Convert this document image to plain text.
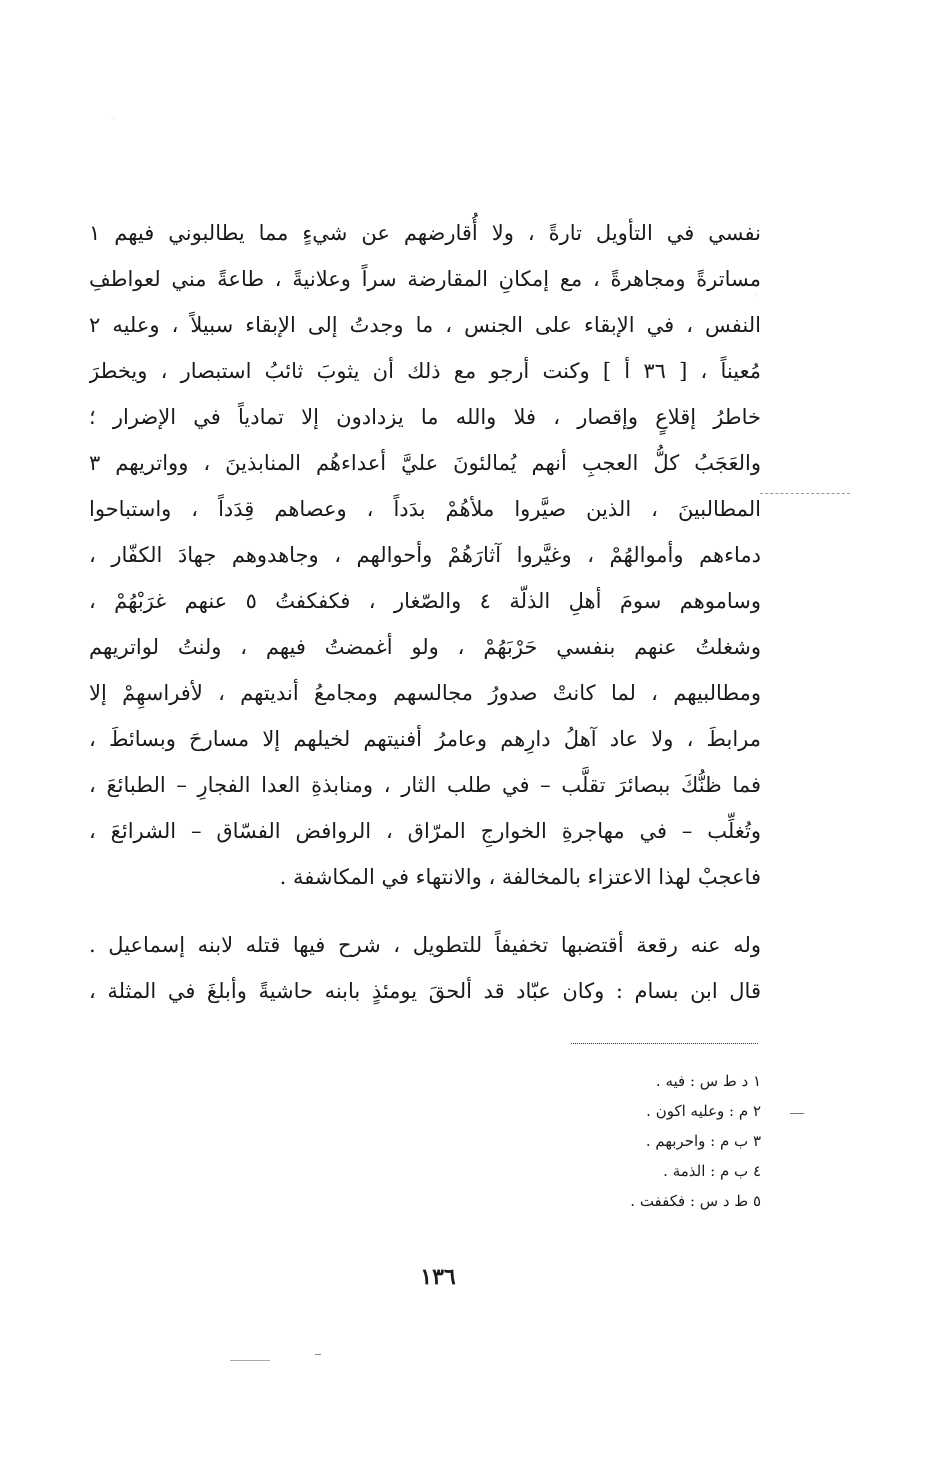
نفسي في التأويل تارةً ، ولا أُقارضهم عن شيءٍ مما يطالبوني فيهم ١
مساترةً ومجاهرةً ، مع إمكانِ المقارضة سراً وعلانيةً ، طاعةً مني لعواطفِ
النفس ، في الإبقاء على الجنس ، ما وجدتُ إلى الإبقاء سبيلاً ، وعليه ٢
مُعيناً ، [ ٣٦ أ ] وكنت أرجو مع ذلك أن يثوبَ ثائبُ استبصار ، ويخطرَ
خاطرُ إقلاعٍ وإقصار ، فلا والله ما يزدادون إلا تمادياً في الإضرار ؛
والعَجَبُ كلُّ العجبِ أنهم يُمالئونَ عليَّ أعداءهُم المنابذينَ ، وواتريهم ٣
المطالبينَ ، الذين صيَّروا ملأهُمْ بدَداً ، وعصاهم قِدَداً ، واستباحوا
دماءهم وأموالهُمْ ، وغيَّروا آثارَهُمْ وأحوالهم ، وجاهدوهم جهادَ الكفّار ،
وساموهم سومَ أهلِ الذلّة ٤ والصّغار ، فكفكفتُ ٥ عنهم غرَبْهُمْ ،
وشغلتُ عنهم بنفسي حَرْبَهُمْ ، ولو أغمضتُ فيهم ، ولنتُ لواتريهم
ومطالبيهم ، لما كانتْ صدورُ مجالسهم ومجامعُ أنديتهم ، لأفراسهِمْ إلا
مرابطَ ، ولا عاد آهلُ دارِهم وعامرُ أفنيتهم لخيلهم إلا مسارحَ وبسائطَ ،
فما ظنُّكَ ببصائرَ تقلَّب – في طلب الثار ، ومنابذةِ العدا الفجارِ – الطبائعَ ،
وتُغلِّب – في مهاجرةِ الخوارجِ المرّاق ، الروافض الفسّاق – الشرائعَ ،
فاعجبْ لهذا الاعتزاء بالمخالفة ، والانتهاء في المكاشفة .
وله عنه رقعة أقتضبها تخفيفاً للتطويل ، شرح فيها قتله لابنه إسماعيل .
قال ابن بسام : وكان عبّاد قد ألحقَ يومئذٍ بابنه حاشيةً وأبلغَ في المثلة ،
١ د ط س : فيه .
٢ م : وعليه اكون .
٣ ب م : واحربهم .
٤ ب م : الذمة .
٥ ط د س : فكففت .
١٣٦
